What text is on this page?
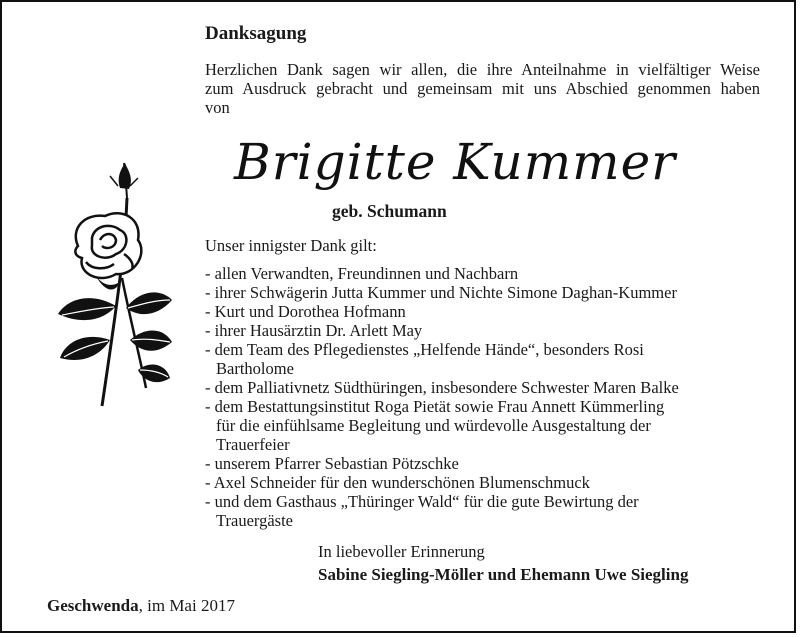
Danksagung
Herzlichen Dank sagen wir allen, die ihre Anteilnahme in vielfältiger Weise
zum Ausdruck gebracht und gemeinsam mit uns Abschied genommen haben
von
Brigitte Kummer
geb. Schumann
Unser innigster Dank gilt:
- allen Verwandten, Freundinnen und Nachbarn
- ihrer Schwägerin Jutta Kummer und Nichte Simone Daghan-Kummer
- Kurt und Dorothea Hofmann
- ihrer Hausärztin Dr. Arlett May
- dem Team des Pflegedienstes „Helfende Hände“, besonders Rosi
Bartholome
- dem Palliativnetz Südthüringen, insbesondere Schwester Maren Balke
- dem Bestattungsinstitut Roga Pietät sowie Frau Annett Kümmerling
für die einfühlsame Begleitung und würdevolle Ausgestaltung der
Trauerfeier
- unserem Pfarrer Sebastian Pötzschke
- Axel Schneider für den wunderschönen Blumenschmuck
- und dem Gasthaus „Thüringer Wald“ für die gute Bewirtung der
Trauergäste
In liebevoller Erinnerung
Sabine Siegling-Möller und Ehemann Uwe Siegling
Geschwenda, im Mai 2017
